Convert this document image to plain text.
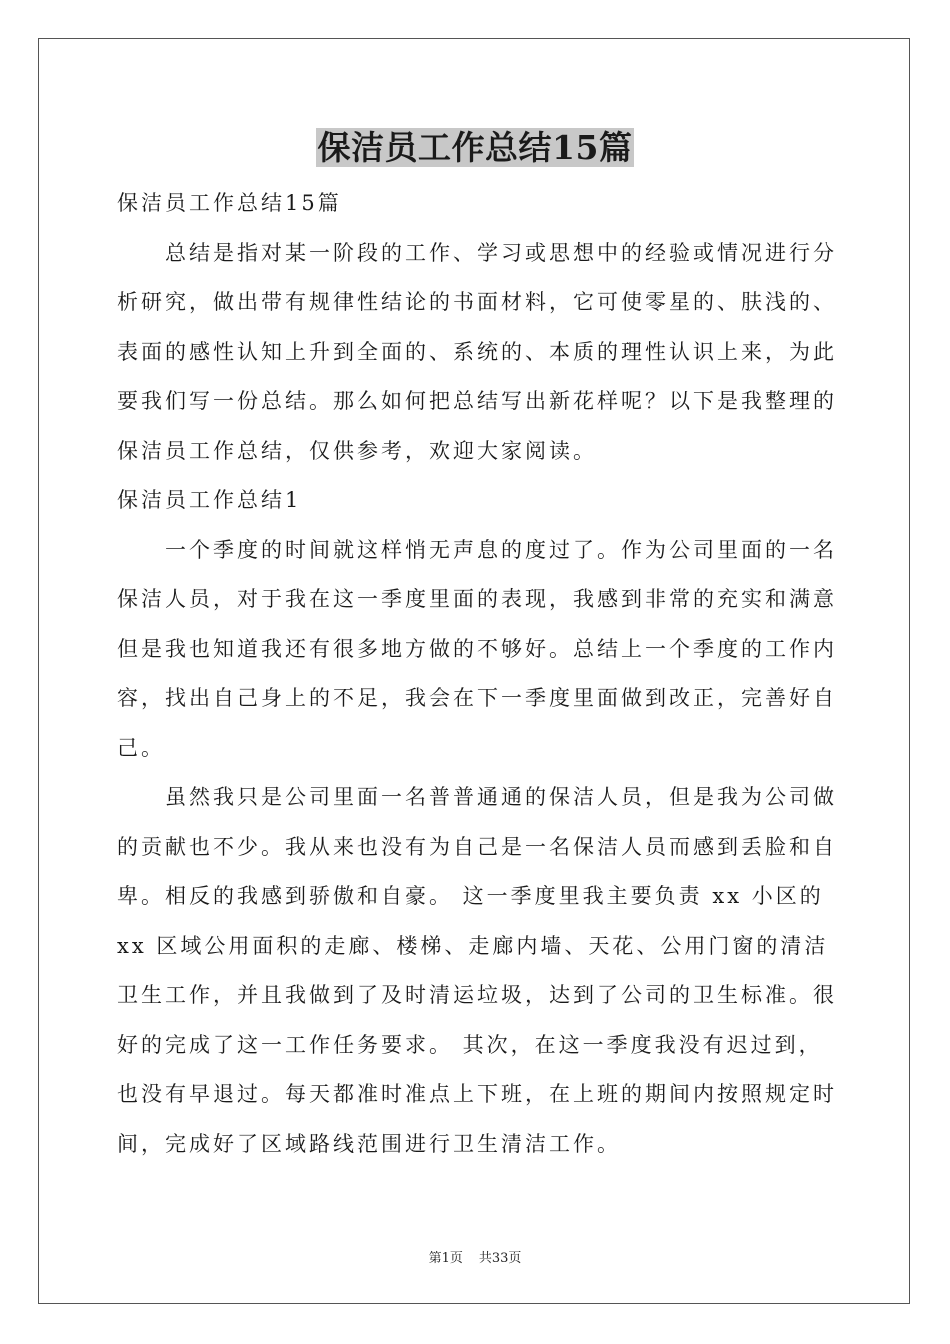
保洁员工作总结15篇

保洁员工作总结15篇

总结是指对某一阶段的工作、学习或思想中的经验或情况进行分

析研究，做出带有规律性结论的书面材料，它可使零星的、肤浅的、

表面的感性认知上升到全面的、系统的、本质的理性认识上来，为此

要我们写一份总结。那么如何把总结写出新花样呢？以下是我整理的

保洁员工作总结，仅供参考，欢迎大家阅读。

保洁员工作总结1

一个季度的时间就这样悄无声息的度过了。作为公司里面的一名

保洁人员，对于我在这一季度里面的表现，我感到非常的充实和满意

但是我也知道我还有很多地方做的不够好。总结上一个季度的工作内

容，找出自己身上的不足，我会在下一季度里面做到改正，完善好自

己。

虽然我只是公司里面一名普普通通的保洁人员，但是我为公司做

的贡献也不少。我从来也没有为自己是一名保洁人员而感到丢脸和自

卑。相反的我感到骄傲和自豪。 这一季度里我主要负责 xx 小区的

xx 区域公用面积的走廊、楼梯、走廊内墙、天花、公用门窗的清洁

卫生工作，并且我做到了及时清运垃圾，达到了公司的卫生标准。很

好的完成了这一工作任务要求。 其次，在这一季度我没有迟过到，

也没有早退过。每天都准时准点上下班，在上班的期间内按照规定时

间，完成好了区域路线范围进行卫生清洁工作。

第1页 共33页
